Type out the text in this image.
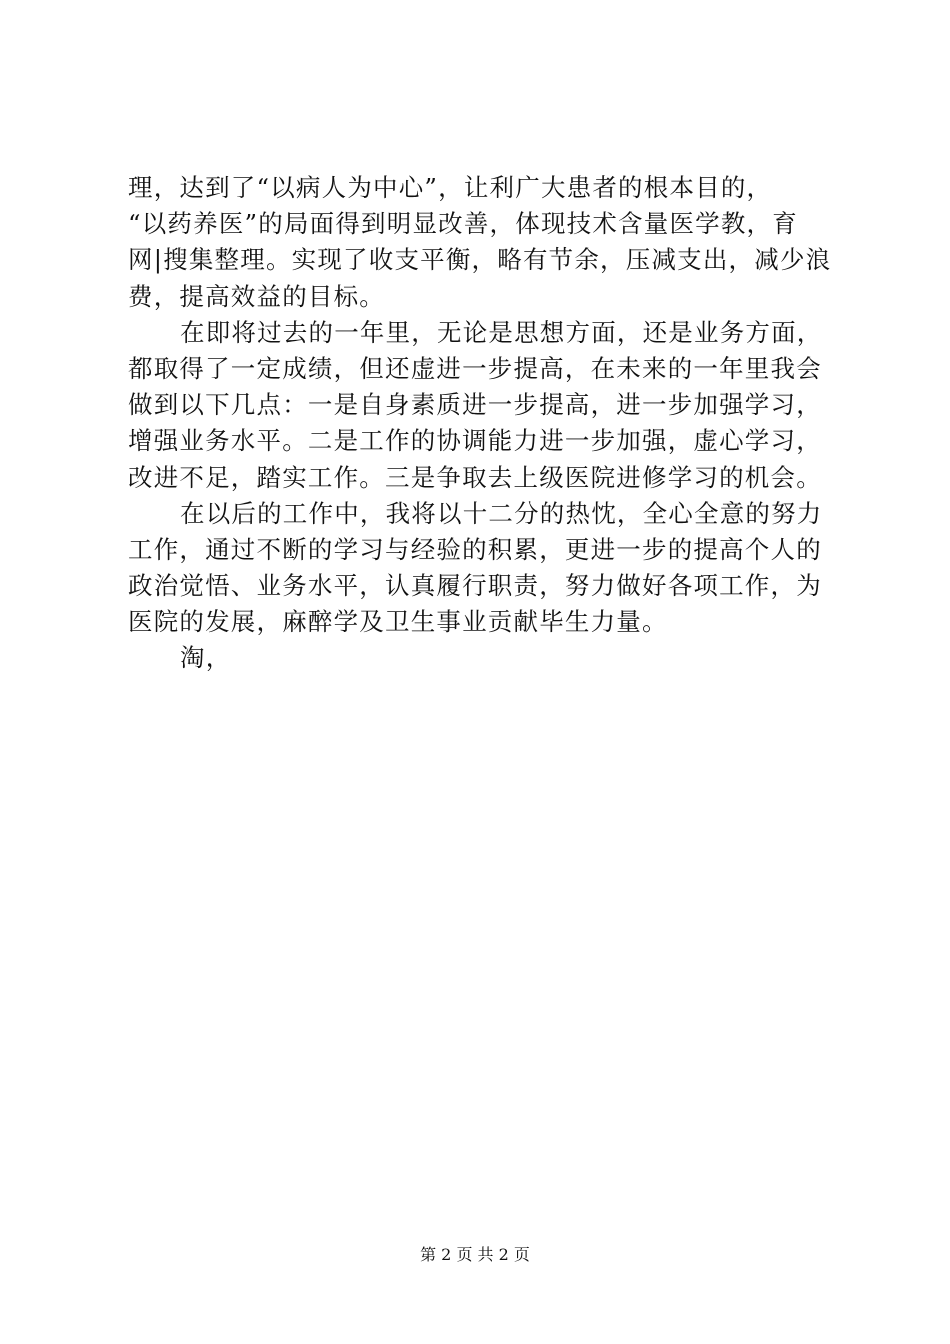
理，达到了“以病人为中心”，让利广大患者的根本目的，
“以药养医”的局面得到明显改善，体现技术含量医学教，育
网|搜集整理。实现了收支平衡，略有节余，压减支出，减少浪
费，提高效益的目标。
在即将过去的一年里，无论是思想方面，还是业务方面，
都取得了一定成绩，但还虚进一步提高，在未来的一年里我会
做到以下几点：一是自身素质进一步提高，进一步加强学习，
增强业务水平。二是工作的协调能力进一步加强，虚心学习，
改进不足，踏实工作。三是争取去上级医院进修学习的机会。
在以后的工作中，我将以十二分的热忱，全心全意的努力
工作，通过不断的学习与经验的积累，更进一步的提高个人的
政治觉悟、业务水平，认真履行职责，努力做好各项工作，为
医院的发展，麻醉学及卫生事业贡献毕生力量。
淘，
第 2 页 共 2 页
